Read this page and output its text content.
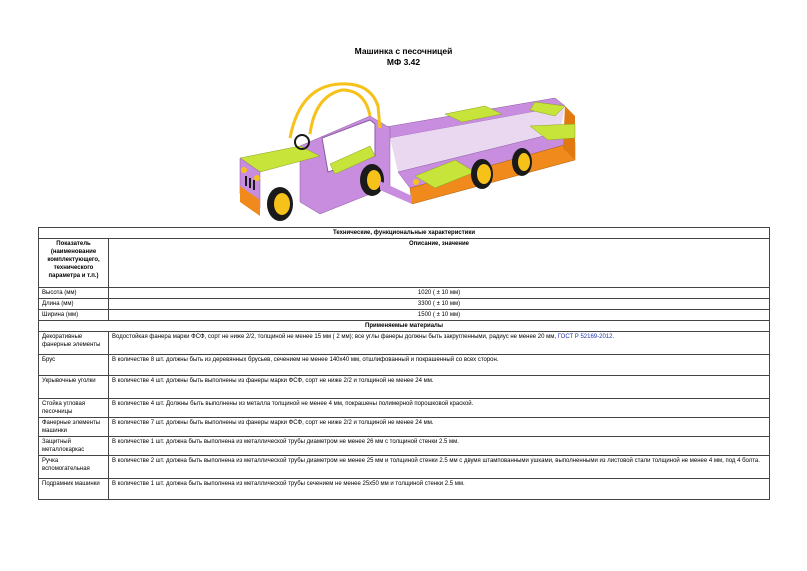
Машинка с песочницей
МФ 3.42
Технические, функциональные характеристики	
Показатель (наименование комплектующего, технического параметра и т.п.)	Описание, значение
Высота (мм)	1020 ( ± 10 мм)
Длина (мм)	3300 ( ± 10 мм)
Ширина (мм)	1500 ( ± 10 мм)
Применяемые материалы	
Декоративные фанерные элементы	Водостойкая фанера марки ФСФ, сорт не ниже 2/2, толщиной не менее 15 мм ( 2 мм); все углы фанеры должны быть закругленными, радиус не менее 20 мм, ГОСТ Р 52169-2012.
Брус	В количестве 8 шт. должны быть из деревянных брусьев, сечением не менее 140х40 мм, отшлифованный и покрашенный со всех сторон.
Укрывочные уголки	В количестве 4 шт. должны быть выполнены из фанеры марки ФСФ, сорт не ниже 2/2 и толщиной не менее 24 мм.
Стойка угловая песочницы	В количестве 4 шт. Должны быть выполнены из металла толщиной не менее 4 мм, покрашены полимерной порошковой краской.
Фанерные элементы машинки	В количестве 7 шт. должны быть выполнены из фанеры марки ФСФ, сорт не ниже 2/2 и толщиной не менее 24 мм.
Защитный металлокаркас	В количестве 1 шт. должна быть выполнена из металлической трубы диаметром не менее 26 мм с толщиной стенки 2.5 мм.
Ручка вспомогательная	В количестве 2 шт. должна быть выполнена из металлической трубы диаметром не менее 25 мм и толщиной стенки 2.5 мм с двумя штампованными ушками, выполненными из листовой стали толщиной не менее 4 мм, под 4 болта.
Подрамник машинки	В количестве 1 шт. должна быть выполнена из металлической трубы сечением не менее 25х50 мм и толщиной стенки 2.5 мм.
